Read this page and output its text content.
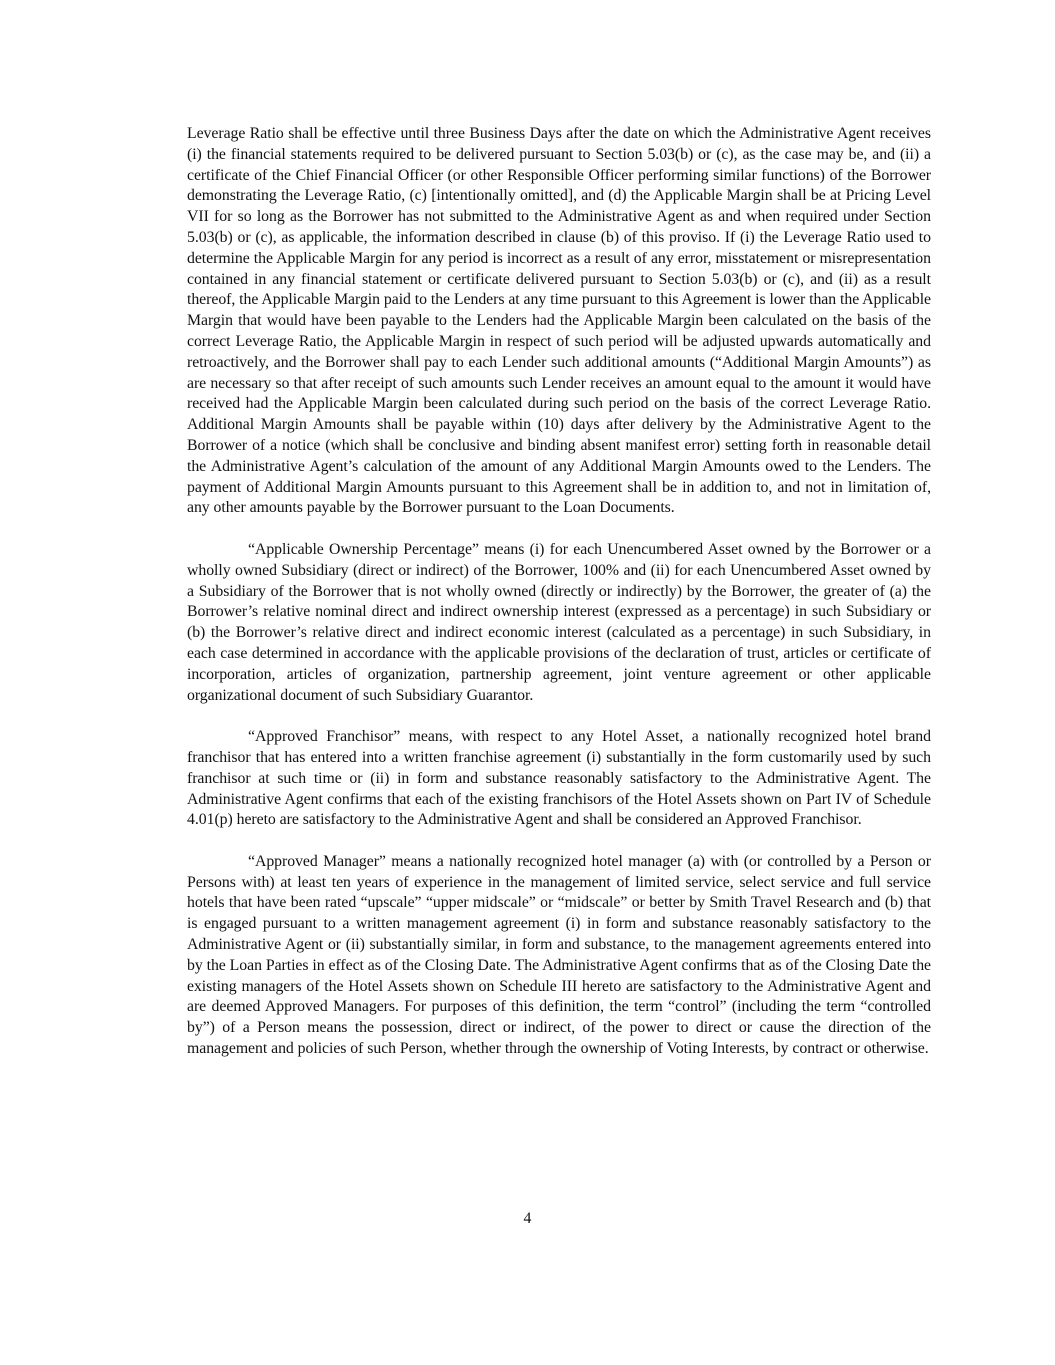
Leverage Ratio shall be effective until three Business Days after the date on which the Administrative Agent receives (i) the financial statements required to be delivered pursuant to Section 5.03(b) or (c), as the case may be, and (ii) a certificate of the Chief Financial Officer (or other Responsible Officer performing similar functions) of the Borrower demonstrating the Leverage Ratio, (c) [intentionally omitted], and (d) the Applicable Margin shall be at Pricing Level VII for so long as the Borrower has not submitted to the Administrative Agent as and when required under Section 5.03(b) or (c), as applicable, the information described in clause (b) of this proviso. If (i) the Leverage Ratio used to determine the Applicable Margin for any period is incorrect as a result of any error, misstatement or misrepresentation contained in any financial statement or certificate delivered pursuant to Section 5.03(b) or (c), and (ii) as a result thereof, the Applicable Margin paid to the Lenders at any time pursuant to this Agreement is lower than the Applicable Margin that would have been payable to the Lenders had the Applicable Margin been calculated on the basis of the correct Leverage Ratio, the Applicable Margin in respect of such period will be adjusted upwards automatically and retroactively, and the Borrower shall pay to each Lender such additional amounts (“Additional Margin Amounts”) as are necessary so that after receipt of such amounts such Lender receives an amount equal to the amount it would have received had the Applicable Margin been calculated during such period on the basis of the correct Leverage Ratio. Additional Margin Amounts shall be payable within (10) days after delivery by the Administrative Agent to the Borrower of a notice (which shall be conclusive and binding absent manifest error) setting forth in reasonable detail the Administrative Agent’s calculation of the amount of any Additional Margin Amounts owed to the Lenders. The payment of Additional Margin Amounts pursuant to this Agreement shall be in addition to, and not in limitation of, any other amounts payable by the Borrower pursuant to the Loan Documents.

“Applicable Ownership Percentage” means (i) for each Unencumbered Asset owned by the Borrower or a wholly owned Subsidiary (direct or indirect) of the Borrower, 100% and (ii) for each Unencumbered Asset owned by a Subsidiary of the Borrower that is not wholly owned (directly or indirectly) by the Borrower, the greater of (a) the Borrower’s relative nominal direct and indirect ownership interest (expressed as a percentage) in such Subsidiary or (b) the Borrower’s relative direct and indirect economic interest (calculated as a percentage) in such Subsidiary, in each case determined in accordance with the applicable provisions of the declaration of trust, articles or certificate of incorporation, articles of organization, partnership agreement, joint venture agreement or other applicable organizational document of such Subsidiary Guarantor.

“Approved Franchisor” means, with respect to any Hotel Asset, a nationally recognized hotel brand franchisor that has entered into a written franchise agreement (i) substantially in the form customarily used by such franchisor at such time or (ii) in form and substance reasonably satisfactory to the Administrative Agent. The Administrative Agent confirms that each of the existing franchisors of the Hotel Assets shown on Part IV of Schedule 4.01(p) hereto are satisfactory to the Administrative Agent and shall be considered an Approved Franchisor.

“Approved Manager” means a nationally recognized hotel manager (a) with (or controlled by a Person or Persons with) at least ten years of experience in the management of limited service, select service and full service hotels that have been rated “upscale” “upper midscale” or “midscale” or better by Smith Travel Research and (b) that is engaged pursuant to a written management agreement (i) in form and substance reasonably satisfactory to the Administrative Agent or (ii) substantially similar, in form and substance, to the management agreements entered into by the Loan Parties in effect as of the Closing Date. The Administrative Agent confirms that as of the Closing Date the existing managers of the Hotel Assets shown on Schedule III hereto are satisfactory to the Administrative Agent and are deemed Approved Managers. For purposes of this definition, the term “control” (including the term “controlled by”) of a Person means the possession, direct or indirect, of the power to direct or cause the direction of the management and policies of such Person, whether through the ownership of Voting Interests, by contract or otherwise.

4
